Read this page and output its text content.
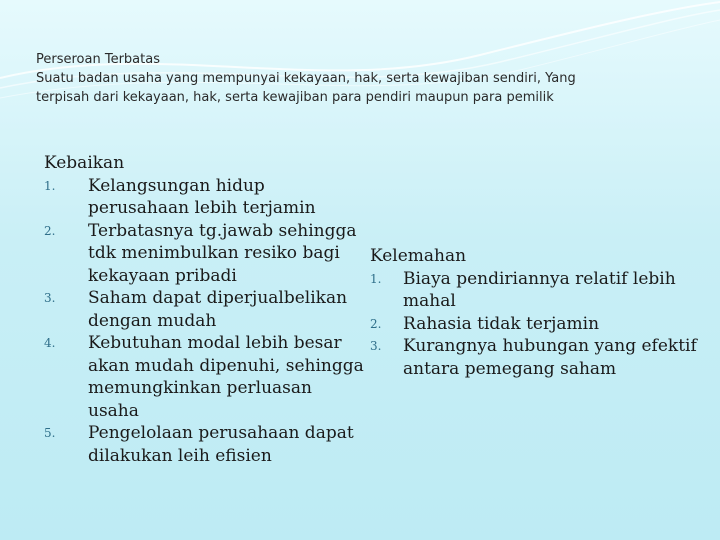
Perseroan Terbatas
Suatu badan usaha yang mempunyai kekayaan, hak, serta kewajiban sendiri, Yang
terpisah dari kekayaan, hak, serta kewajiban para pendiri maupun para pemilik
Kebaikan
1.	Kelangsungan hidup perusahaan lebih terjamin
2.	Terbatasnya tg.jawab sehingga tdk menimbulkan resiko bagi kekayaan pribadi
3.	Saham dapat diperjualbelikan dengan mudah
4.	Kebutuhan modal lebih besar akan mudah dipenuhi, sehingga memungkinkan perluasan usaha
5.	Pengelolaan perusahaan dapat dilakukan leih efisien
Kelemahan
1.	Biaya pendiriannya relatif lebih mahal
2.	Rahasia tidak terjamin
3.	Kurangnya hubungan yang efektif antara pemegang saham
